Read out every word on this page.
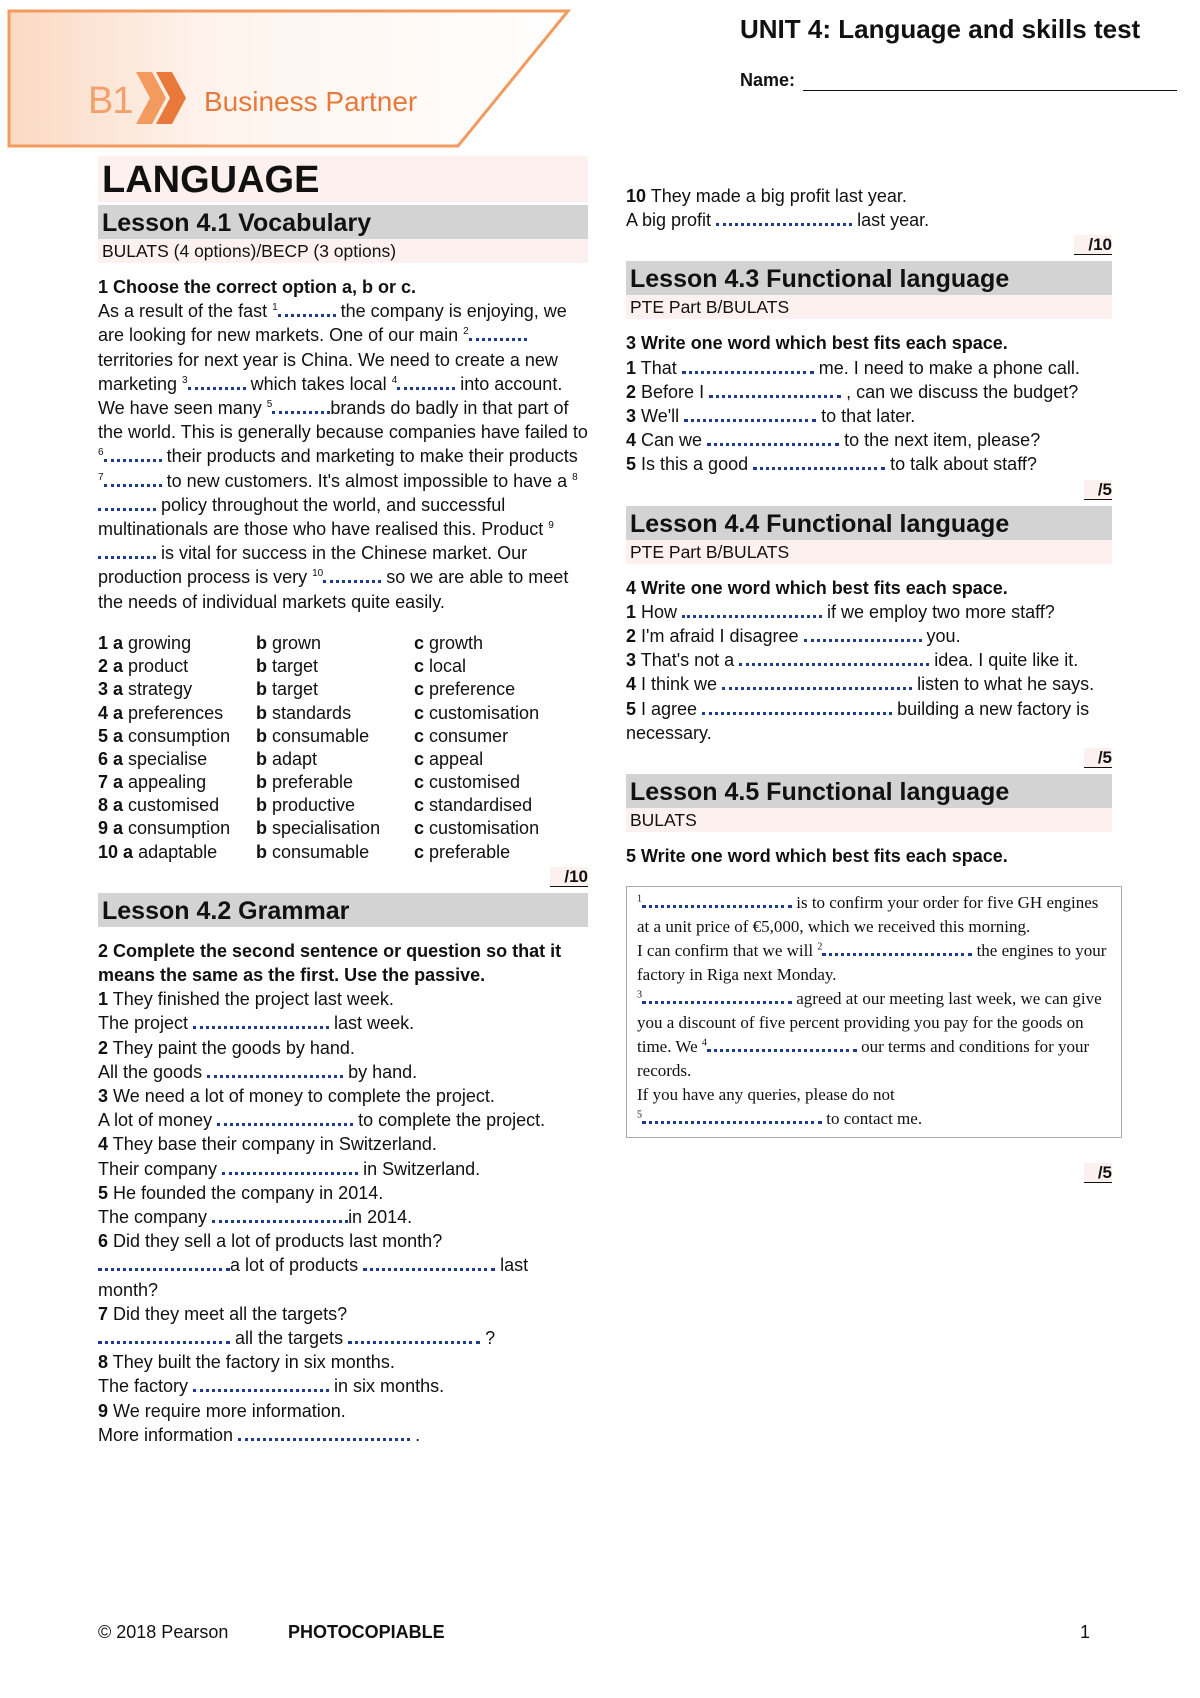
B1	Business Partner
UNIT 4: Language and skills test
Name:
LANGUAGE
Lesson 4.1 Vocabulary
BULATS (4 options)/BECP (3 options)

1 Choose the correct option a, b or c.

As a result of the fast $^1$	the company is enjoying, we are looking for new markets. One of our main $^2$ territories for next year is China. We need to create a new marketing $^3$	which takes local $^4$	into account. We have seen many $^5$	brands do badly in that part of the world. This is generally because companies have failed to $^6$	their products and marketing to make their products $^7$	to new customers. It's almost impossible to have a $^8$ policy throughout the world, and successful multinationals are those who have realised this. Product $^9$ is vital for success in the Chinese market. Our production process is very $^{10}$	so we are able to meet the needs of individual markets quite easily.

1 a growing	b grown	c growth
2 a product	b target	c local
3 a strategy	b target	c preference
4 a preferences	b standards	c customisation
5 a consumption	b consumable	c consumer
6 a specialise	b adapt	c appeal
7 a appealing	b preferable	c customised
8 a customised	b productive	c standardised
9 a consumption	b specialisation	c customisation
10 a adaptable	b consumable	c preferable
/10
Lesson 4.2 Grammar

2 Complete the second sentence or question so that it means the same as the first. Use the passive.

1 They finished the project last week.

The project	last week.

2 They paint the goods by hand.

All the goods	by hand.

3 We need a lot of money to complete the project.

A lot of money	to complete the project.

4 They base their company in Switzerland.

Their company	in Switzerland.

5 He founded the company in 2014.

The company	in 2014.

6 Did they sell a lot of products last month?

a lot of products	last month?

7 Did they meet all the targets?

all the targets	?

8 They built the factory in six months.

The factory	in six months.

9 We require more information.

More information	.

10 They made a big profit last year.

A big profit	last year.

/10
Lesson 4.3 Functional language
PTE Part B/BULATS

3 Write one word which best fits each space.

1 That	me. I need to make a phone call.

2 Before I	, can we discuss the budget?

3 We'll	to that later.

4 Can we	to the next item, please?

5 Is this a good	to talk about staff?

/5
Lesson 4.4 Functional language
PTE Part B/BULATS

4 Write one word which best fits each space.

1 How	if we employ two more staff?

2 I'm afraid I disagree	you.

3 That's not a	idea. I quite like it.

4 I think we	listen to what he says.

5 I agree	building a new factory is necessary.

/5
Lesson 4.5 Functional language
BULATS

5 Write one word which best fits each space.

$^1$	is to confirm your order for five GH engines at a unit price of €5,000, which we received this morning.

I can confirm that we will $^2$	the engines to your factory in Riga next Monday.

$^3$	agreed at our meeting last week, we can give you a discount of five percent providing you pay for the goods on time. We $^4$	our terms and conditions for your records.

If you have any queries, please do not
$^5$	to contact me.

/5
© 2018 Pearson	PHOTOCOPIABLE	1
